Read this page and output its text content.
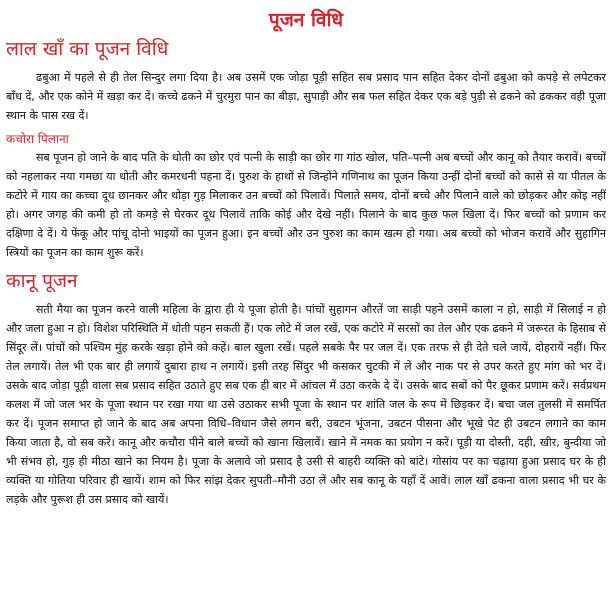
पूजन विधि
लाल खाँ का पूजन विधि

ढबुआ में पहले से ही तेल सिन्दुर लगा दिया है। अब उसमें एक जोड़ा पूड़ी सहित सब प्रसाद पान सहित देकर दोनों ढबुआ को कपड़े से लपेटकर बाँध दें, और एक कोने में खड़ा कर दें। कच्चे ढकने में चुरमुरा पान का बीड़ा, सुपाड़ी और सब फल सहित देकर एक बड़े पुड़ी से ढकने को ढककर वही पूजा स्थान के पास रख दें।

कचोरा पिलाना

सब पूजन हो जाने के बाद पति के धोती का छोर एवं पत्नी के साड़ी का छोर गा गांठ खोल, पति–पत्नी अब बच्चों और कानू को तैयार करावें। बच्चों को नहलाकर नया गमछा या धोती और कमरधनी पहना दें। पुरुश के हाथों से जिन्होंने गणिनाथ का पूजन किया उन्हीं दोनों बच्चों को कासे से या पीतल के कटोरे में गाय का कच्चा दूध छानकर और थोड़ा गुड़ मिलाकर उन बच्चों को पिलावें। पिलाते समय, दोनों बच्चे और पिलाने वाले को छोड़कर और कोइ नहीं हो। अगर जगह की कमी हो तो कमड़े से घेरकर दूध पिलावें ताकि कोई और देखे नहीं। पिलाने के बाद कुछ फल खिला दें। फिर बच्चों को प्रणाम कर दक्षिणा दे दें। ये फेंकू और पांचू दोनो भाइयों का पूजन हुआ। इन बच्चों और उन पुरुश का काम खत्म हो गया। अब बच्चों को भोजन करावें और सुहागिन स्त्रियों का पूजन का काम शुरू करें।

कानू पूजन

सती मैया का पूजन करने वाली महिला के द्वारा ही ये पूजा होती है। पांचों सुहागन औरतें जा साड़ी पहने उसमें काला न हो, साड़ी में सिलाई न हो और जला हुआ न हो। विशेश परिस्थिति में धोती पहन सकती हैं। एक लोटे में जल रखें, एक कटोरे में सरसों का तेल और एक ढकने में जरूरत के हिसाब से सिंदूर लें। पांचों को पश्चिम मुंह करके खड़ा होने को कहें। बाल खुला रखें। पहले सबके पैर पर जल दें। एक तरफ से ही देते चले जायें, दोहरायें नहीं। फिर तेल लगायें। तेल भी एक बार ही लगायें दुबारा हाथ न लगायें। इसी तरह सिंदुर भी कसकर चुटकी में लें और नाक पर से उपर करते हुए मांग को भर दें। उसके बाद जोड़ा पूड़ी वाला सब प्रसाद सहित उठाते हुए सब एक ही बार में आंचल में उठा करके दे दें। उसके बाद सबों को पैर छूकर प्रणाम करें। सर्वप्रथम कलश में जो जल भर के पूजा स्थान पर रखा गया था उसे उठाकर सभी पूजा के स्थान पर शांति जल के रूप में छिड़कर दें। बचा जल तुलसी में समर्पित कर दें। पूजन समाप्त हो जाने के बाद अब अपना विधि–विधान जैसे लगन बरी, उबटन भूंजना, उबटन पीसना और भूखे पेट ही उबटन लगाने का काम किया जाता है, वो सब करें। कानू और कचौरा पीने बाले बच्चों को खाना खिलावें। खाने में नमक का प्रयोग न करें। पूड़ी या दोस्ती, दही, खीर, बुन्दीया जो भी संभव हो, गुड़ ही मीठा खाने का नियम है। पूजा के अलावे जो प्रसाद है उसी से बाहरी व्यक्ति को बांटे। गोसांय पर का चढ़ाया हुआ प्रसाद घर के ही व्यक्ति या गोतिया परिवार ही खायें। शाम को फिर सांझ देकर सुपती–मौनी उठा लें और सब कानू के यहाँ दें आवें। लाल खाँ ढकना वाला प्रसाद भी घर के लड़के और पुरूश ही उस प्रसाद को खायें।
